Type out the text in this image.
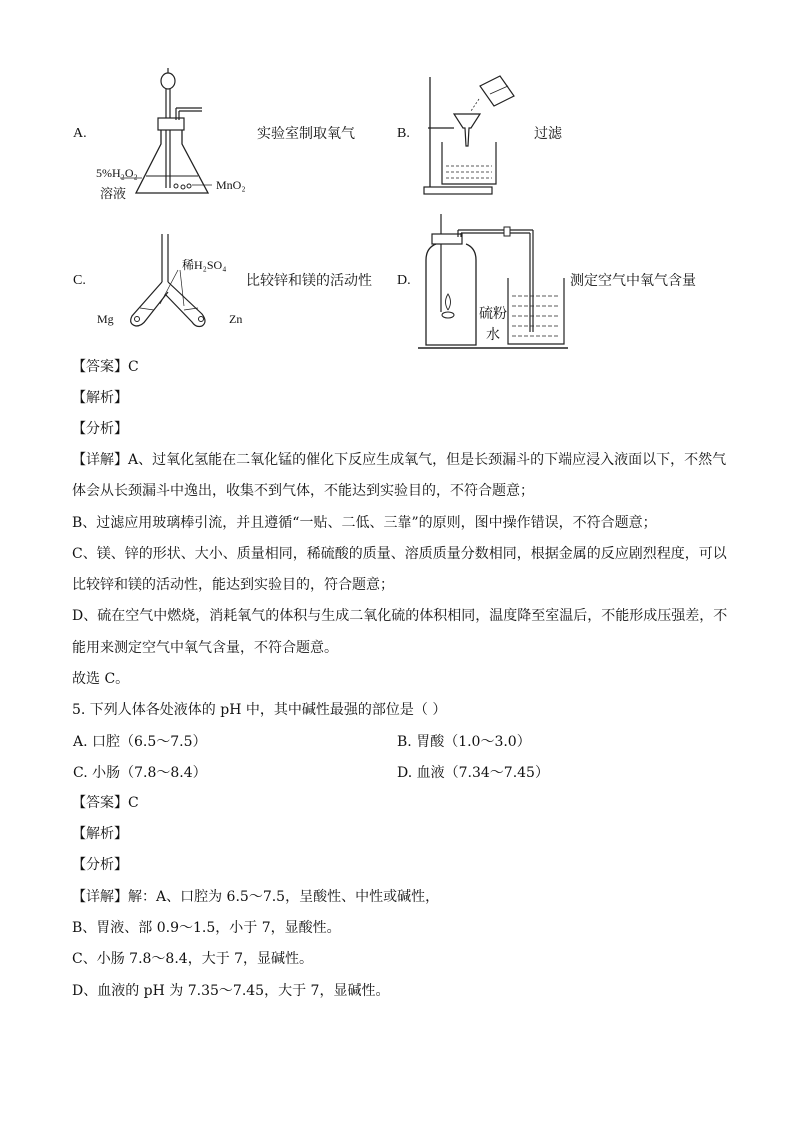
A.
5%H₂O₂
溶液
MnO₂
实验室制取氧气	B.	过滤
C.
稀H₂SO₄
Mg	Zn
比较锌和镁的活动性 D.
硫粉
水
测定空气中氧气含量
【答案】C
【解析】
【分析】
【详解】A、过氧化氢能在二氧化锰的催化下反应生成氧气，但是长颈漏斗的下端应浸入液面以下，不然气
体会从长颈漏斗中逸出，收集不到气体，不能达到实验目的，不符合题意；
B、过滤应用玻璃棒引流，并且遵循“一贴、二低、三靠”的原则，图中操作错误，不符合题意；
C、镁、锌的形状、大小、质量相同，稀硫酸的质量、溶质质量分数相同，根据金属的反应剧烈程度，可以
比较锌和镁的活动性，能达到实验目的，符合题意；
D、硫在空气中燃烧，消耗氧气的体积与生成二氧化硫的体积相同，温度降至室温后，不能形成压强差，不
能用来测定空气中氧气含量，不符合题意。
故选 C。
5. 下列人体各处液体的 pH 中，其中碱性最强的部位是（ ）
A. 口腔（6.5～7.5）	B. 胃酸（1.0～3.0）
C. 小肠（7.8～8.4）	D. 血液（7.34～7.45）
【答案】C
【解析】
【分析】
【详解】解：A、口腔为 6.5～7.5，呈酸性、中性或碱性，
B、胃液、部 0.9～1.5，小于 7，显酸性。
C、小肠 7.8～8.4，大于 7，显碱性。
D、血液的 pH 为 7.35～7.45，大于 7，显碱性。
